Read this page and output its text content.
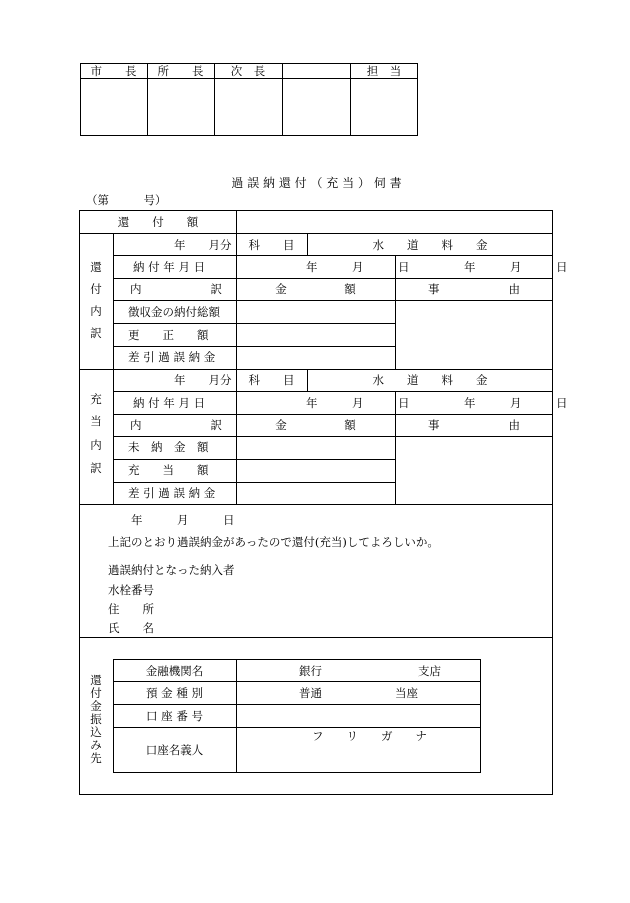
市　　長	所　　長	次　長	担　当
過 誤 納 還 付 （ 充 当 ） 伺 書
（第　　　号）
還　　付　　額
還
付
内
訳
年　　月分	科　　目	水　　道　　料　　金
納 付 年 月 日	年　　　月　　　日	年　　　月　　　日
内　　　　　　訳	金　　　　　額	事　　　　　　由
徴収金の納付総額
更　　正　　額
差 引 過 誤 納 金
充
当
内
訳
年　　月分	科　　目	水　　道　　料　　金
納 付 年 月 日	年　　　月　　　日	年　　　月　　　日
内　　　　　　訳	金　　　　　額	事　　　　　　由
未　納　金　額
充　　当　　額
差 引 過 誤 納 金
年　　　月　　　日
上記のとおり過誤納金があったので還付(充当)してよろしいか。
過誤納付となった納入者
水栓番号
住　　所
氏　　名
還付金振込み先
金融機関名	銀行	支店
預 金 種 別	普通	当座
口 座 番 号
口座名義人
フ　　リ　　ガ　　ナ
